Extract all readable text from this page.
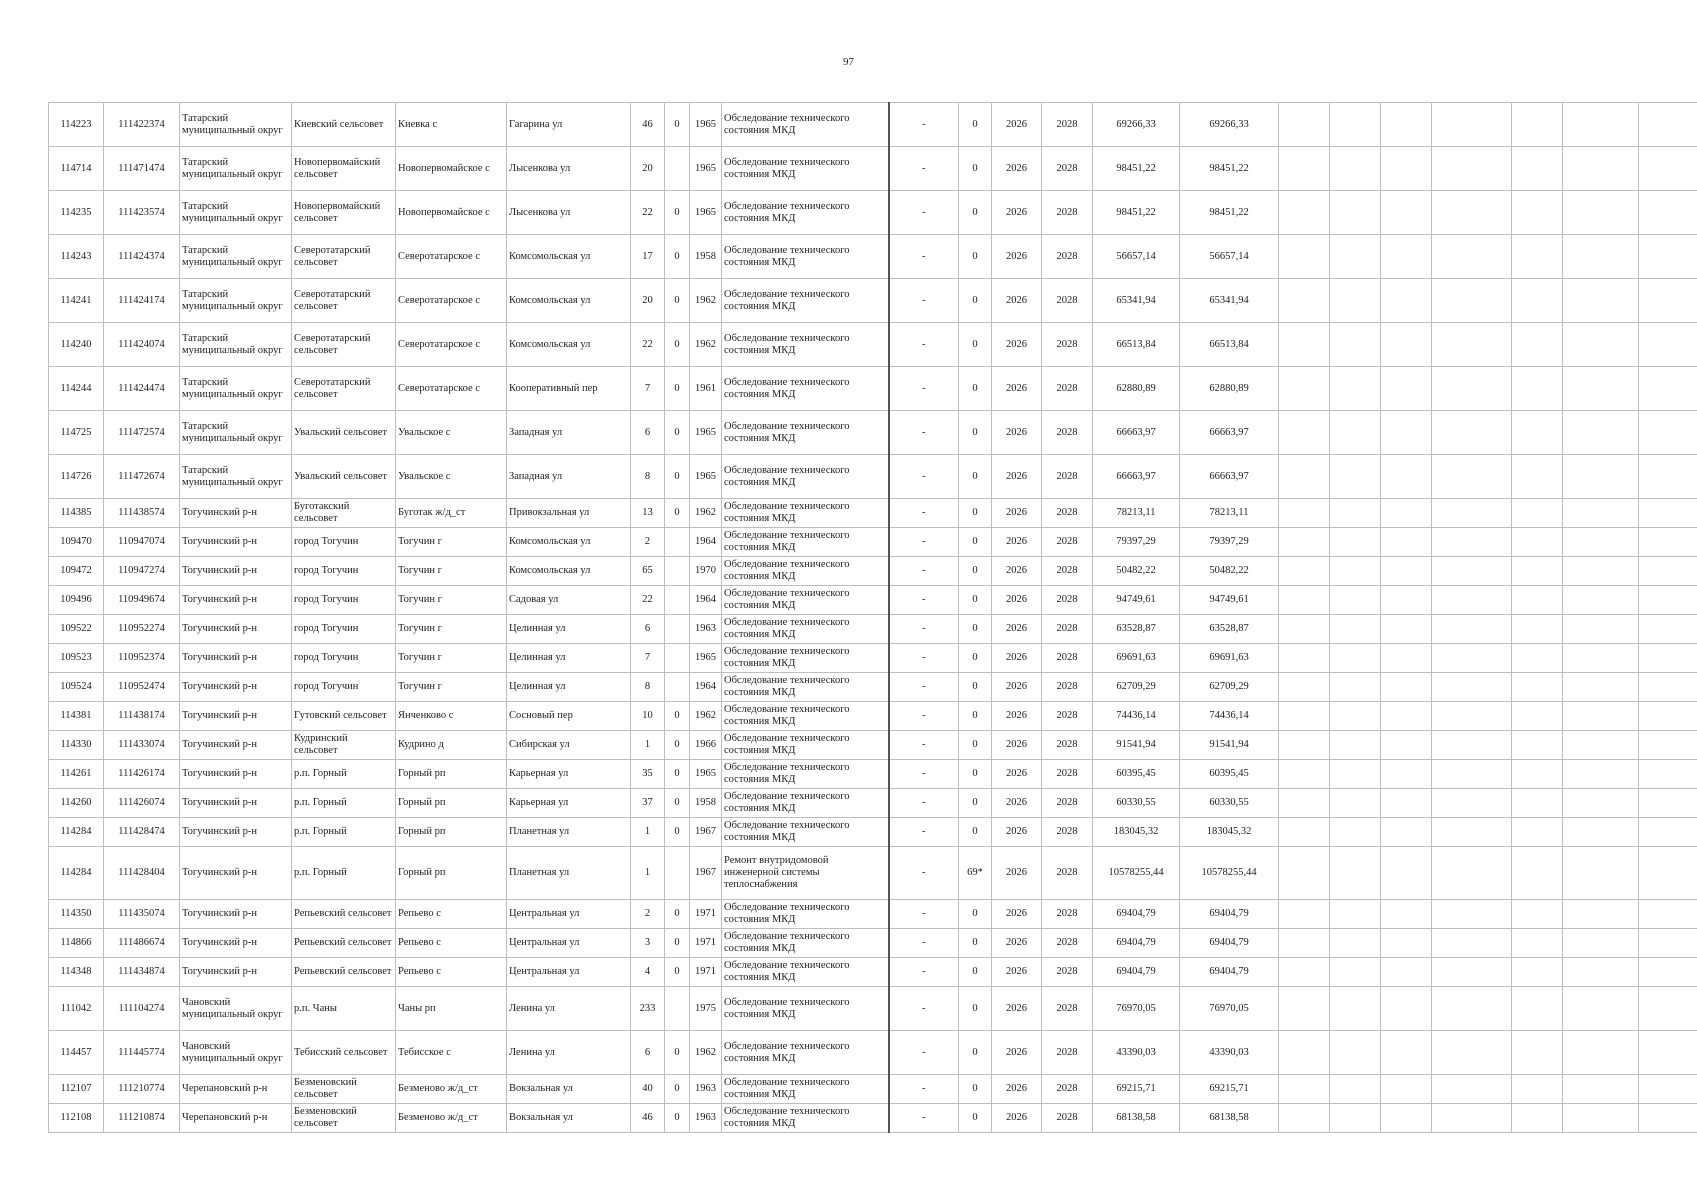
97
114223	111422374	Татарский муниципальный округ	Киевский сельсовет	Киевка с	Гагарина ул	46	0	1965	Обследование технического состояния МКД	-	0	2026	2028	69266,33	69266,33							
114714	111471474	Татарский муниципальный округ	Новопервомайский сельсовет	Новопервомайское с	Лысенкова ул	20		1965	Обследование технического состояния МКД	-	0	2026	2028	98451,22	98451,22							
114235	111423574	Татарский муниципальный округ	Новопервомайский сельсовет	Новопервомайское с	Лысенкова ул	22	0	1965	Обследование технического состояния МКД	-	0	2026	2028	98451,22	98451,22							
114243	111424374	Татарский муниципальный округ	Северотатарский сельсовет	Северотатарское с	Комсомольская ул	17	0	1958	Обследование технического состояния МКД	-	0	2026	2028	56657,14	56657,14							
114241	111424174	Татарский муниципальный округ	Северотатарский сельсовет	Северотатарское с	Комсомольская ул	20	0	1962	Обследование технического состояния МКД	-	0	2026	2028	65341,94	65341,94							
114240	111424074	Татарский муниципальный округ	Северотатарский сельсовет	Северотатарское с	Комсомольская ул	22	0	1962	Обследование технического состояния МКД	-	0	2026	2028	66513,84	66513,84							
114244	111424474	Татарский муниципальный округ	Северотатарский сельсовет	Северотатарское с	Кооперативный пер	7	0	1961	Обследование технического состояния МКД	-	0	2026	2028	62880,89	62880,89							
114725	111472574	Татарский муниципальный округ	Увальский сельсовет	Увальское с	Западная ул	6	0	1965	Обследование технического состояния МКД	-	0	2026	2028	66663,97	66663,97							
114726	111472674	Татарский муниципальный округ	Увальский сельсовет	Увальское с	Западная ул	8	0	1965	Обследование технического состояния МКД	-	0	2026	2028	66663,97	66663,97							
114385	111438574	Тогучинский р-н	Буготакский сельсовет	Буготак ж/д_ст	Привокзальная ул	13	0	1962	Обследование технического состояния МКД	-	0	2026	2028	78213,11	78213,11							
109470	110947074	Тогучинский р-н	город Тогучин	Тогучин г	Комсомольская ул	2		1964	Обследование технического состояния МКД	-	0	2026	2028	79397,29	79397,29							
109472	110947274	Тогучинский р-н	город Тогучин	Тогучин г	Комсомольская ул	65		1970	Обследование технического состояния МКД	-	0	2026	2028	50482,22	50482,22							
109496	110949674	Тогучинский р-н	город Тогучин	Тогучин г	Садовая ул	22		1964	Обследование технического состояния МКД	-	0	2026	2028	94749,61	94749,61							
109522	110952274	Тогучинский р-н	город Тогучин	Тогучин г	Целинная ул	6		1963	Обследование технического состояния МКД	-	0	2026	2028	63528,87	63528,87							
109523	110952374	Тогучинский р-н	город Тогучин	Тогучин г	Целинная ул	7		1965	Обследование технического состояния МКД	-	0	2026	2028	69691,63	69691,63							
109524	110952474	Тогучинский р-н	город Тогучин	Тогучин г	Целинная ул	8		1964	Обследование технического состояния МКД	-	0	2026	2028	62709,29	62709,29							
114381	111438174	Тогучинский р-н	Гутовский сельсовет	Янченково с	Сосновый пер	10	0	1962	Обследование технического состояния МКД	-	0	2026	2028	74436,14	74436,14							
114330	111433074	Тогучинский р-н	Кудринский сельсовет	Кудрино д	Сибирская ул	1	0	1966	Обследование технического состояния МКД	-	0	2026	2028	91541,94	91541,94							
114261	111426174	Тогучинский р-н	р.п. Горный	Горный рп	Карьерная ул	35	0	1965	Обследование технического состояния МКД	-	0	2026	2028	60395,45	60395,45							
114260	111426074	Тогучинский р-н	р.п. Горный	Горный рп	Карьерная ул	37	0	1958	Обследование технического состояния МКД	-	0	2026	2028	60330,55	60330,55							
114284	111428474	Тогучинский р-н	р.п. Горный	Горный рп	Планетная ул	1	0	1967	Обследование технического состояния МКД	-	0	2026	2028	183045,32	183045,32							
114284	111428404	Тогучинский р-н	р.п. Горный	Горный рп	Планетная ул	1		1967	Ремонт внутридомовой инженерной системы теплоснабжения	-	69*	2026	2028	10578255,44	10578255,44							
114350	111435074	Тогучинский р-н	Репьевский сельсовет	Репьево с	Центральная ул	2	0	1971	Обследование технического состояния МКД	-	0	2026	2028	69404,79	69404,79							
114866	111486674	Тогучинский р-н	Репьевский сельсовет	Репьево с	Центральная ул	3	0	1971	Обследование технического состояния МКД	-	0	2026	2028	69404,79	69404,79							
114348	111434874	Тогучинский р-н	Репьевский сельсовет	Репьево с	Центральная ул	4	0	1971	Обследование технического состояния МКД	-	0	2026	2028	69404,79	69404,79							
111042	111104274	Чановский муниципальный округ	р.п. Чаны	Чаны рп	Ленина ул	233		1975	Обследование технического состояния МКД	-	0	2026	2028	76970,05	76970,05							
114457	111445774	Чановский муниципальный округ	Тебисский сельсовет	Тебисское с	Ленина ул	6	0	1962	Обследование технического состояния МКД	-	0	2026	2028	43390,03	43390,03							
112107	111210774	Черепановский р-н	Безменовский сельсовет	Безменово ж/д_ст	Вокзальная ул	40	0	1963	Обследование технического состояния МКД	-	0	2026	2028	69215,71	69215,71							
112108	111210874	Черепановский р-н	Безменовский сельсовет	Безменово ж/д_ст	Вокзальная ул	46	0	1963	Обследование технического состояния МКД	-	0	2026	2028	68138,58	68138,58							
